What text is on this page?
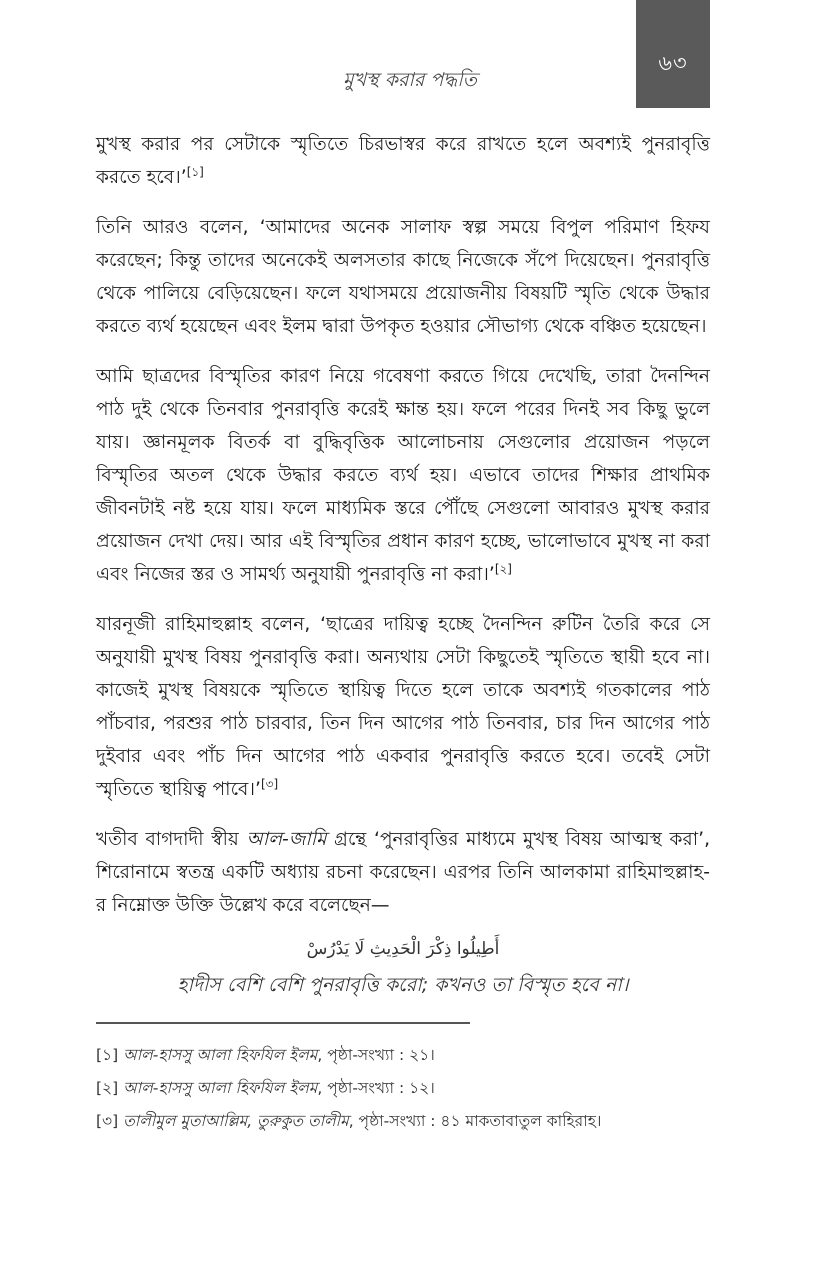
৬৩
মুখস্থ করার পদ্ধতি

মুখস্থ করার পর সেটাকে স্মৃতিতে চিরভাস্বর করে রাখতে হলে অবশ্যই পুনরাবৃত্তি করতে হবে।’[১]

তিনি আরও বলেন, ‘আমাদের অনেক সালাফ স্বল্প সময়ে বিপুল পরিমাণ হিফয করেছেন; কিন্তু তাদের অনেকেই অলসতার কাছে নিজেকে সঁপে দিয়েছেন। পুনরাবৃত্তি থেকে পালিয়ে বেড়িয়েছেন। ফলে যথাসময়ে প্রয়োজনীয় বিষয়টি স্মৃতি থেকে উদ্ধার করতে ব্যর্থ হয়েছেন এবং ইলম দ্বারা উপকৃত হওয়ার সৌভাগ্য থেকে বঞ্চিত হয়েছেন।

আমি ছাত্রদের বিস্মৃতির কারণ নিয়ে গবেষণা করতে গিয়ে দেখেছি, তারা দৈনন্দিন পাঠ দুই থেকে তিনবার পুনরাবৃত্তি করেই ক্ষান্ত হয়। ফলে পরের দিনই সব কিছু ভুলে যায়। জ্ঞানমূলক বিতর্ক বা বুদ্ধিবৃত্তিক আলোচনায় সেগুলোর প্রয়োজন পড়লে বিস্মৃতির অতল থেকে উদ্ধার করতে ব্যর্থ হয়। এভাবে তাদের শিক্ষার প্রাথমিক জীবনটাই নষ্ট হয়ে যায়। ফলে মাধ্যমিক স্তরে পৌঁছে সেগুলো আবারও মুখস্থ করার প্রয়োজন দেখা দেয়। আর এই বিস্মৃতির প্রধান কারণ হচ্ছে, ভালোভাবে মুখস্থ না করা এবং নিজের স্তর ও সামর্থ্য অনুযায়ী পুনরাবৃত্তি না করা।’[২]

যারনূজী রাহিমাহুল্লাহ বলেন, ‘ছাত্রের দায়িত্ব হচ্ছে দৈনন্দিন রুটিন তৈরি করে সে অনুযায়ী মুখস্থ বিষয় পুনরাবৃত্তি করা। অন্যথায় সেটা কিছুতেই স্মৃতিতে স্থায়ী হবে না। কাজেই মুখস্থ বিষয়কে স্মৃতিতে স্থায়িত্ব দিতে হলে তাকে অবশ্যই গতকালের পাঠ পাঁচবার, পরশুর পাঠ চারবার, তিন দিন আগের পাঠ তিনবার, চার দিন আগের পাঠ দুইবার এবং পাঁচ দিন আগের পাঠ একবার পুনরাবৃত্তি করতে হবে। তবেই সেটা স্মৃতিতে স্থায়িত্ব পাবে।’[৩]

খতীব বাগদাদী স্বীয় আল-জামি গ্রন্থে ‘পুনরাবৃত্তির মাধ্যমে মুখস্থ বিষয় আত্মস্থ করা’, শিরোনামে স্বতন্ত্র একটি অধ্যায় রচনা করেছেন। এরপর তিনি আলকামা রাহিমাহুল্লাহ-র নিম্নোক্ত উক্তি উল্লেখ করে বলেছেন—

أَطِيلُوا ذِكْرَ الْحَدِيثِ لَا يَدْرُسْ
হাদীস বেশি বেশি পুনরাবৃত্তি করো; কখনও তা বিস্মৃত হবে না।
[১] আল-হাসসু আলা হিফযিল ইলম, পৃষ্ঠা-সংখ্যা : ২১।
[২] আল-হাসসু আলা হিফযিল ইলম, পৃষ্ঠা-সংখ্যা : ১২।
[৩] তালীমুল মুতাআল্লিম, তুরুকুত তালীম, পৃষ্ঠা-সংখ্যা : ৪১ মাকতাবাতুল কাহিরাহ।
